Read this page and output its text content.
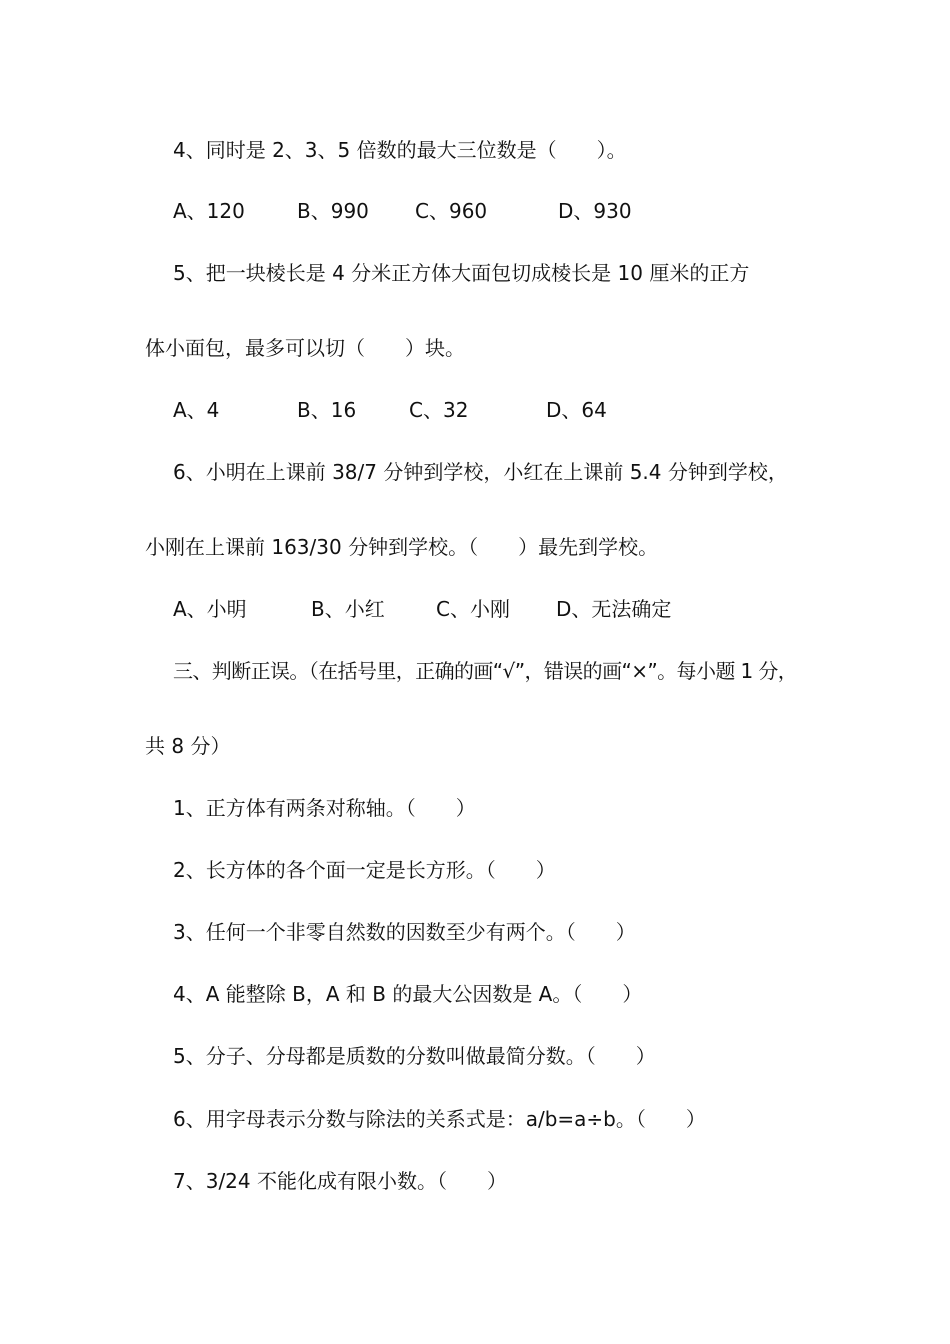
4、同时是 2、3、5 倍数的最大三位数是（　　）。
A、120	B、990 C、960	D、930
5、把一块棱长是 4 分米正方体大面包切成棱长是 10 厘米的正方
体小面包，最多可以切（　　）块。
A、4	B、16	C、32	D、64
6、小明在上课前 38/7 分钟到学校，小红在上课前 5.4 分钟到学校，
小刚在上课前 163/30 分钟到学校。（　　）最先到学校。
A、小明	B、小红	C、小刚 D、无法确定
三、判断正误。（在括号里，正确的画“√”，错误的画“×”。每小题 1 分，
共 8 分）
1、正方体有两条对称轴。（　　）
2、长方体的各个面一定是长方形。（　　）
3、任何一个非零自然数的因数至少有两个。（　　）
4、A 能整除 B，A 和 B 的最大公因数是 A。（　　）
5、分子、分母都是质数的分数叫做最简分数。（　　）
6、用字母表示分数与除法的关系式是：a/b=a÷b。（　　）
7、3/24 不能化成有限小数。（　　）
